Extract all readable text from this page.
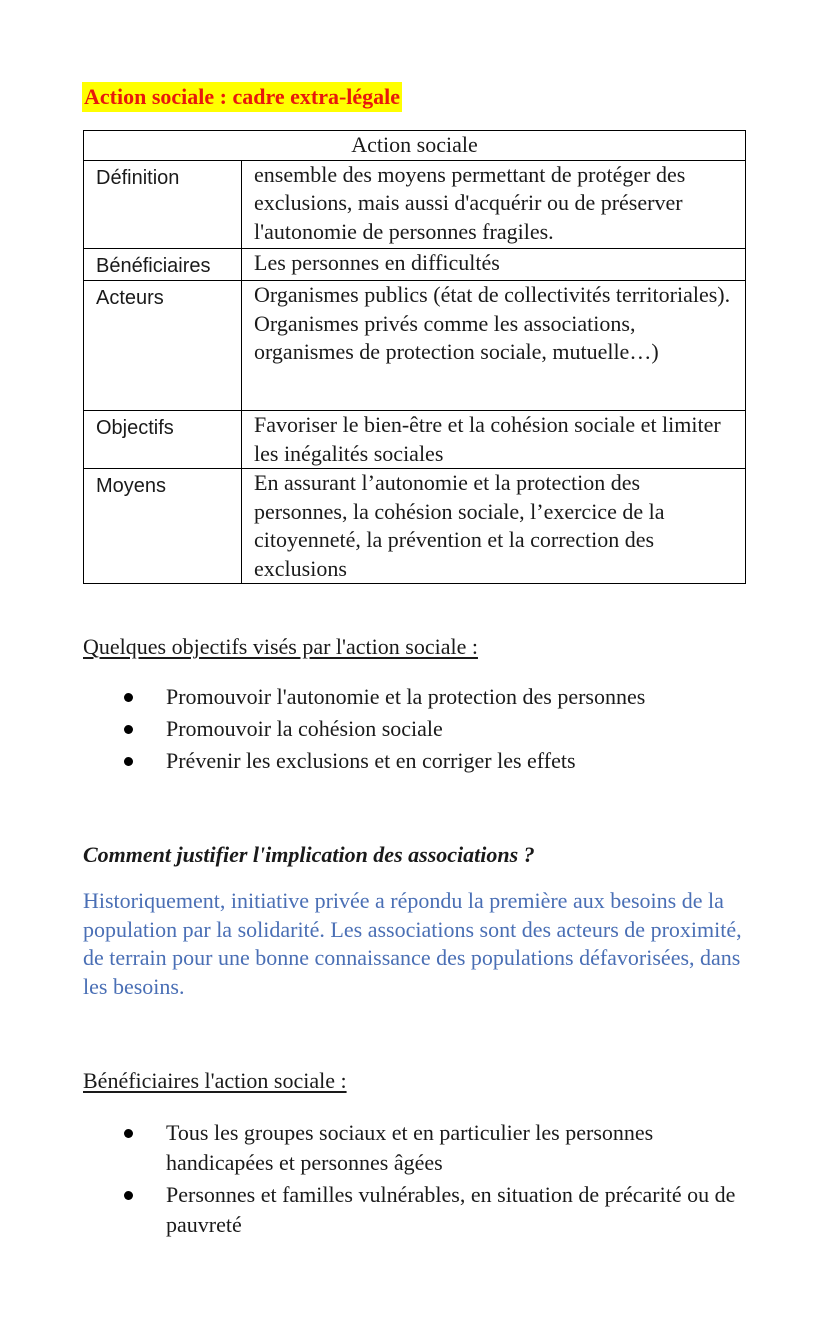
Action sociale : cadre extra-légale
Action sociale	
Définition	ensemble des moyens permettant de protéger des exclusions, mais aussi d'acquérir ou de préserver l'autonomie de personnes fragiles.
Bénéficiaires	Les personnes en difficultés
Acteurs	Organismes publics (état de collectivités territoriales). Organismes privés comme les associations, organismes de protection sociale, mutuelle…)
Objectifs	Favoriser le bien-être et la cohésion sociale et limiter les inégalités sociales
Moyens	En assurant l’autonomie et la protection des personnes, la cohésion sociale, l’exercice de la citoyenneté, la prévention et la correction des exclusions
Quelques objectifs visés par l'action sociale :
Promouvoir l'autonomie et la protection des personnes
Promouvoir la cohésion sociale
Prévenir les exclusions et en corriger les effets
Comment justifier l'implication des associations ?
Historiquement, initiative privée a répondu la première aux besoins de la population par la solidarité. Les associations sont des acteurs de proximité, de terrain pour une bonne connaissance des populations défavorisées, dans les besoins.
Bénéficiaires l'action sociale :
Tous les groupes sociaux et en particulier les personnes handicapées et personnes âgées
Personnes et familles vulnérables, en situation de précarité ou de pauvreté
